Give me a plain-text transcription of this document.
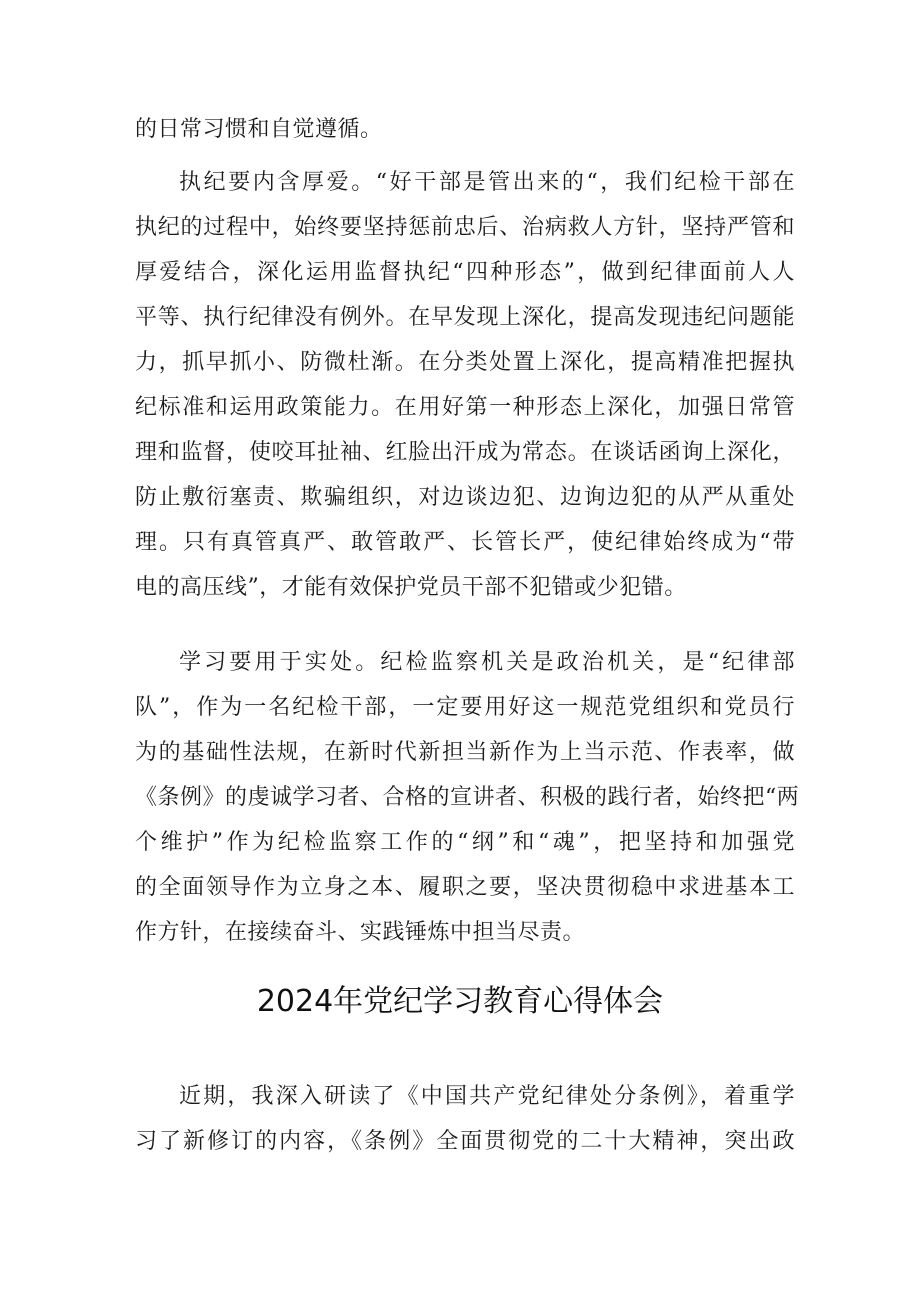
的日常习惯和自觉遵循。
执纪要内含厚爱。“好干部是管出来的“，我们纪检干部在
执纪的过程中，始终要坚持惩前忠后、治病救人方针，坚持严管和
厚爱结合，深化运用监督执纪“四种形态”，做到纪律面前人人
平等、执行纪律没有例外。在早发现上深化，提高发现违纪问题能
力，抓早抓小、防微杜渐。在分类处置上深化，提高精准把握执
纪标准和运用政策能力。在用好第一种形态上深化，加强日常管
理和监督，使咬耳扯袖、红脸出汗成为常态。在谈话函询上深化，
防止敷衍塞责、欺骗组织，对边谈边犯、边询边犯的从严从重处
理。只有真管真严、敢管敢严、长管长严，使纪律始终成为“带
电的高压线”，才能有效保护党员干部不犯错或少犯错。
学习要用于实处。纪检监察机关是政治机关，是“纪律部
队”，作为一名纪检干部，一定要用好这一规范党组织和党员行
为的基础性法规，在新时代新担当新作为上当示范、作表率，做
《条例》的虔诚学习者、合格的宣讲者、积极的践行者，始终把“两
个维护”作为纪检监察工作的“纲”和“魂”，把坚持和加强党
的全面领导作为立身之本、履职之要，坚决贯彻稳中求进基本工
作方针，在接续奋斗、实践锤炼中担当尽责。
2024年党纪学习教育心得体会
近期，我深入研读了《中国共产党纪律处分条例》，着重学
习了新修订的内容，《条例》全面贯彻党的二十大精神，突出政
